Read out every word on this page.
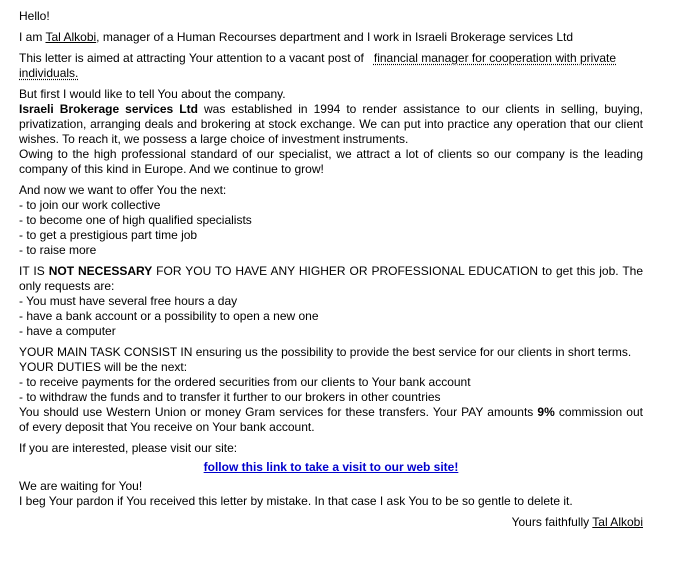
Hello!

I am Tal Alkobi, manager of a Human Recourses department and I work in Israeli Brokerage services Ltd

This letter is aimed at attracting Your attention to a vacant post of   financial manager for cooperation with private individuals.

But first I would like to tell You about the company.

Israeli Brokerage services Ltd was established in 1994 to render assistance to our clients in selling, buying, privatization, arranging deals and brokering at stock exchange. We can put into practice any operation that our client wishes. To reach it, we possess a large choice of investment instruments.

Owing to the high professional standard of our specialist, we attract a lot of clients so our company is the leading company of this kind in Europe. And we continue to grow!

And now we want to offer You the next:

- to join our work collective
- to become one of high qualified specialists
- to get a prestigious part time job
- to raise more

IT IS NOT NECESSARY FOR YOU TO HAVE ANY HIGHER OR PROFESSIONAL EDUCATION to get this job. The only requests are:

- You must have several free hours a day
- have a bank account or a possibility to open a new one
- have a computer

YOUR MAIN TASK CONSIST IN ensuring us the possibility to provide the best service for our clients in short terms.

YOUR DUTIES will be the next:

- to receive payments for the ordered securities from our clients to Your bank account
- to withdraw the funds and to transfer it further to our brokers in other countries

You should use Western Union or money Gram services for these transfers. Your PAY amounts 9% commission out of every deposit that You receive on Your bank account.

If you are interested, please visit our site:

follow this link to take a visit to our web site!

We are waiting for You!

I beg Your pardon if You received this letter by mistake. In that case I ask You to be so gentle to delete it.

Yours faithfully Tal Alkobi
